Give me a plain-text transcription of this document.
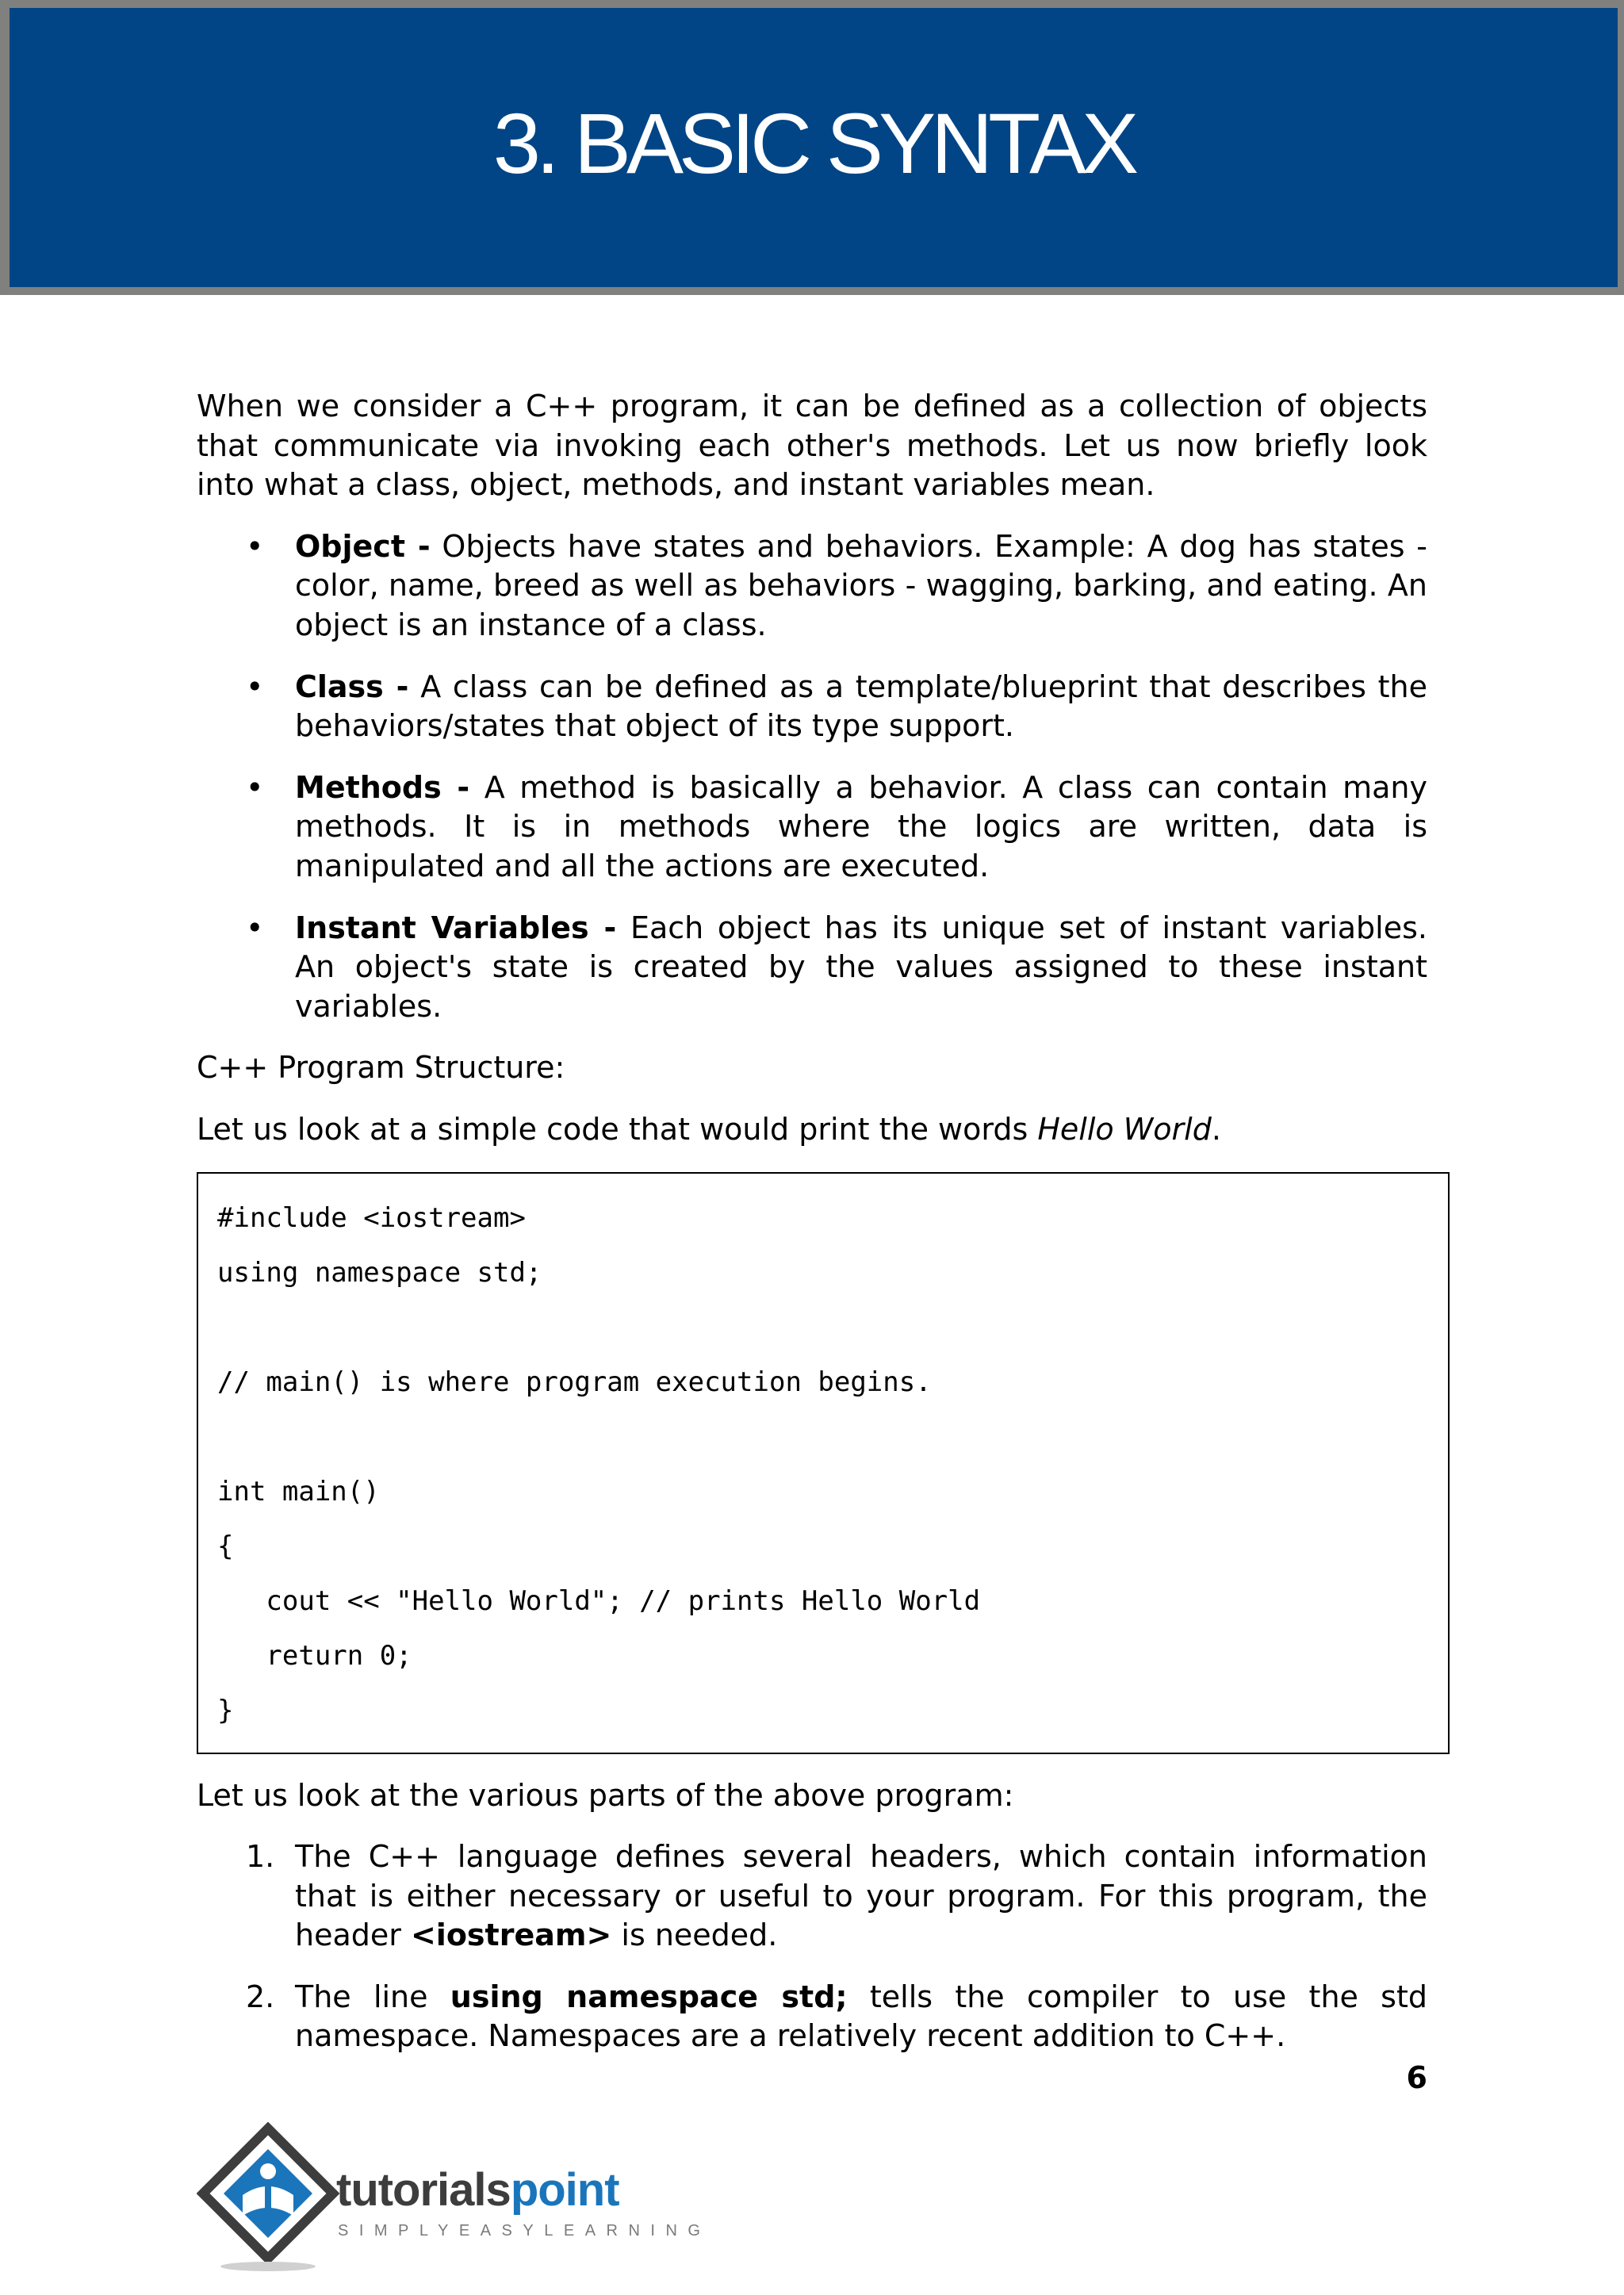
3. BASIC SYNTAX

When we consider a C++ program, it can be defined as a collection of objects that communicate via invoking each other's methods. Let us now briefly look into what a class, object, methods, and instant variables mean.

• Object - Objects have states and behaviors. Example: A dog has states - color, name, breed as well as behaviors - wagging, barking, and eating. An object is an instance of a class.
• Class - A class can be defined as a template/blueprint that describes the behaviors/states that object of its type support.
• Methods - A method is basically a behavior. A class can contain many methods. It is in methods where the logics are written, data is manipulated and all the actions are executed.
• Instant Variables - Each object has its unique set of instant variables. An object's state is created by the values assigned to these instant variables.

C++ Program Structure:

Let us look at a simple code that would print the words Hello World.

#include <iostream>
using namespace std;
// main() is where program execution begins.
int main()
{
cout << "Hello World"; // prints Hello World
return 0;
}

Let us look at the various parts of the above program:

1. The C++ language defines several headers, which contain information that is either necessary or useful to your program. For this program, the header <iostream> is needed.
2. The line using namespace std; tells the compiler to use the std namespace. Namespaces are a relatively recent addition to C++.
6
tutorialspoint
SIMPLYEASYLEARNING
